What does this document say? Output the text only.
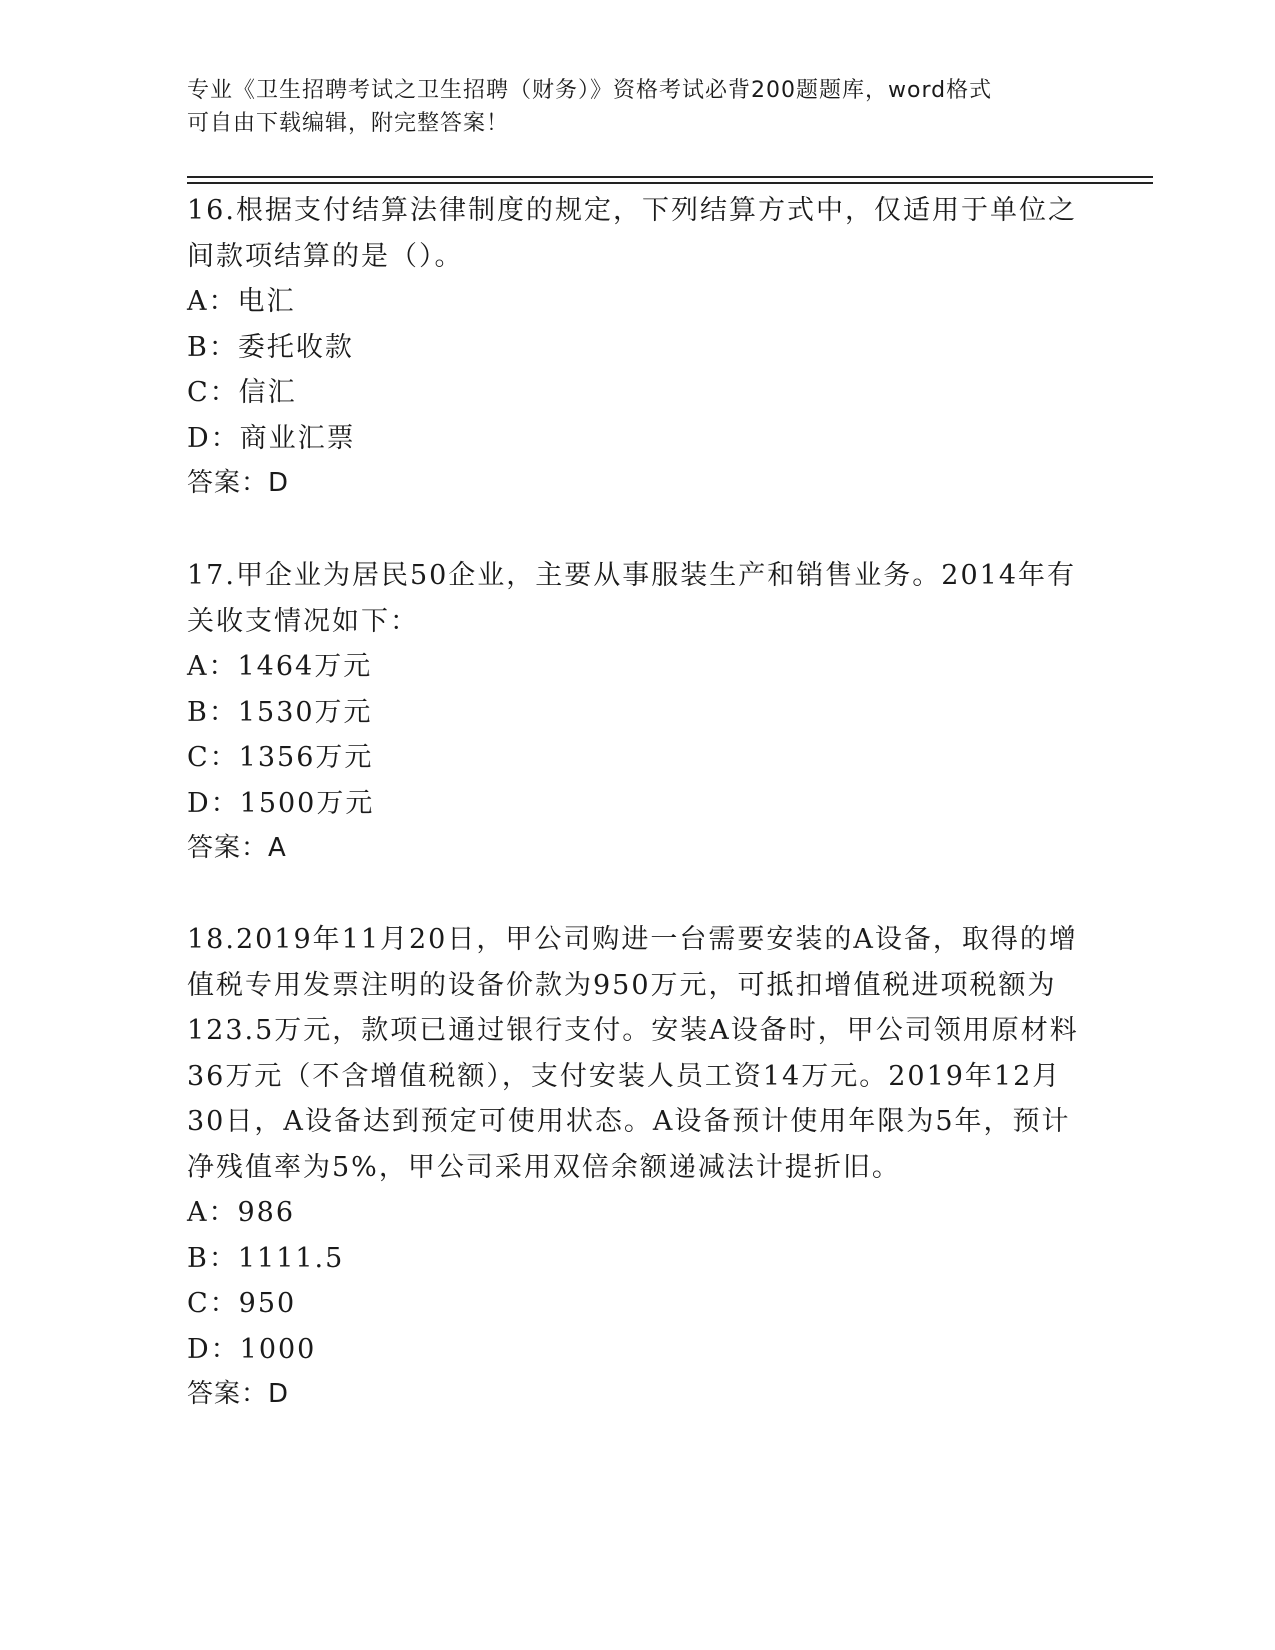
专业《卫生招聘考试之卫生招聘（财务）》资格考试必背200题题库，word格式
可自由下载编辑，附完整答案！

16.根据支付结算法律制度的规定，下列结算方式中，仅适用于单位之间款项结算的是（）。

A：电汇

B：委托收款

C：信汇

D：商业汇票

答案：D

17.甲企业为居民50企业，主要从事服装生产和销售业务。2014年有关收支情况如下：

A：1464万元

B：1530万元

C：1356万元

D：1500万元

答案：A

18.2019年11月20日，甲公司购进一台需要安装的A设备，取得的增值税专用发票注明的设备价款为950万元，可抵扣增值税进项税额为123.5万元，款项已通过银行支付。安装A设备时，甲公司领用原材料36万元（不含增值税额），支付安装人员工资14万元。2019年12月30日，A设备达到预定可使用状态。A设备预计使用年限为5年，预计净残值率为5%，甲公司采用双倍余额递减法计提折旧。

A：986

B：1111.5

C：950

D：1000

答案：D
